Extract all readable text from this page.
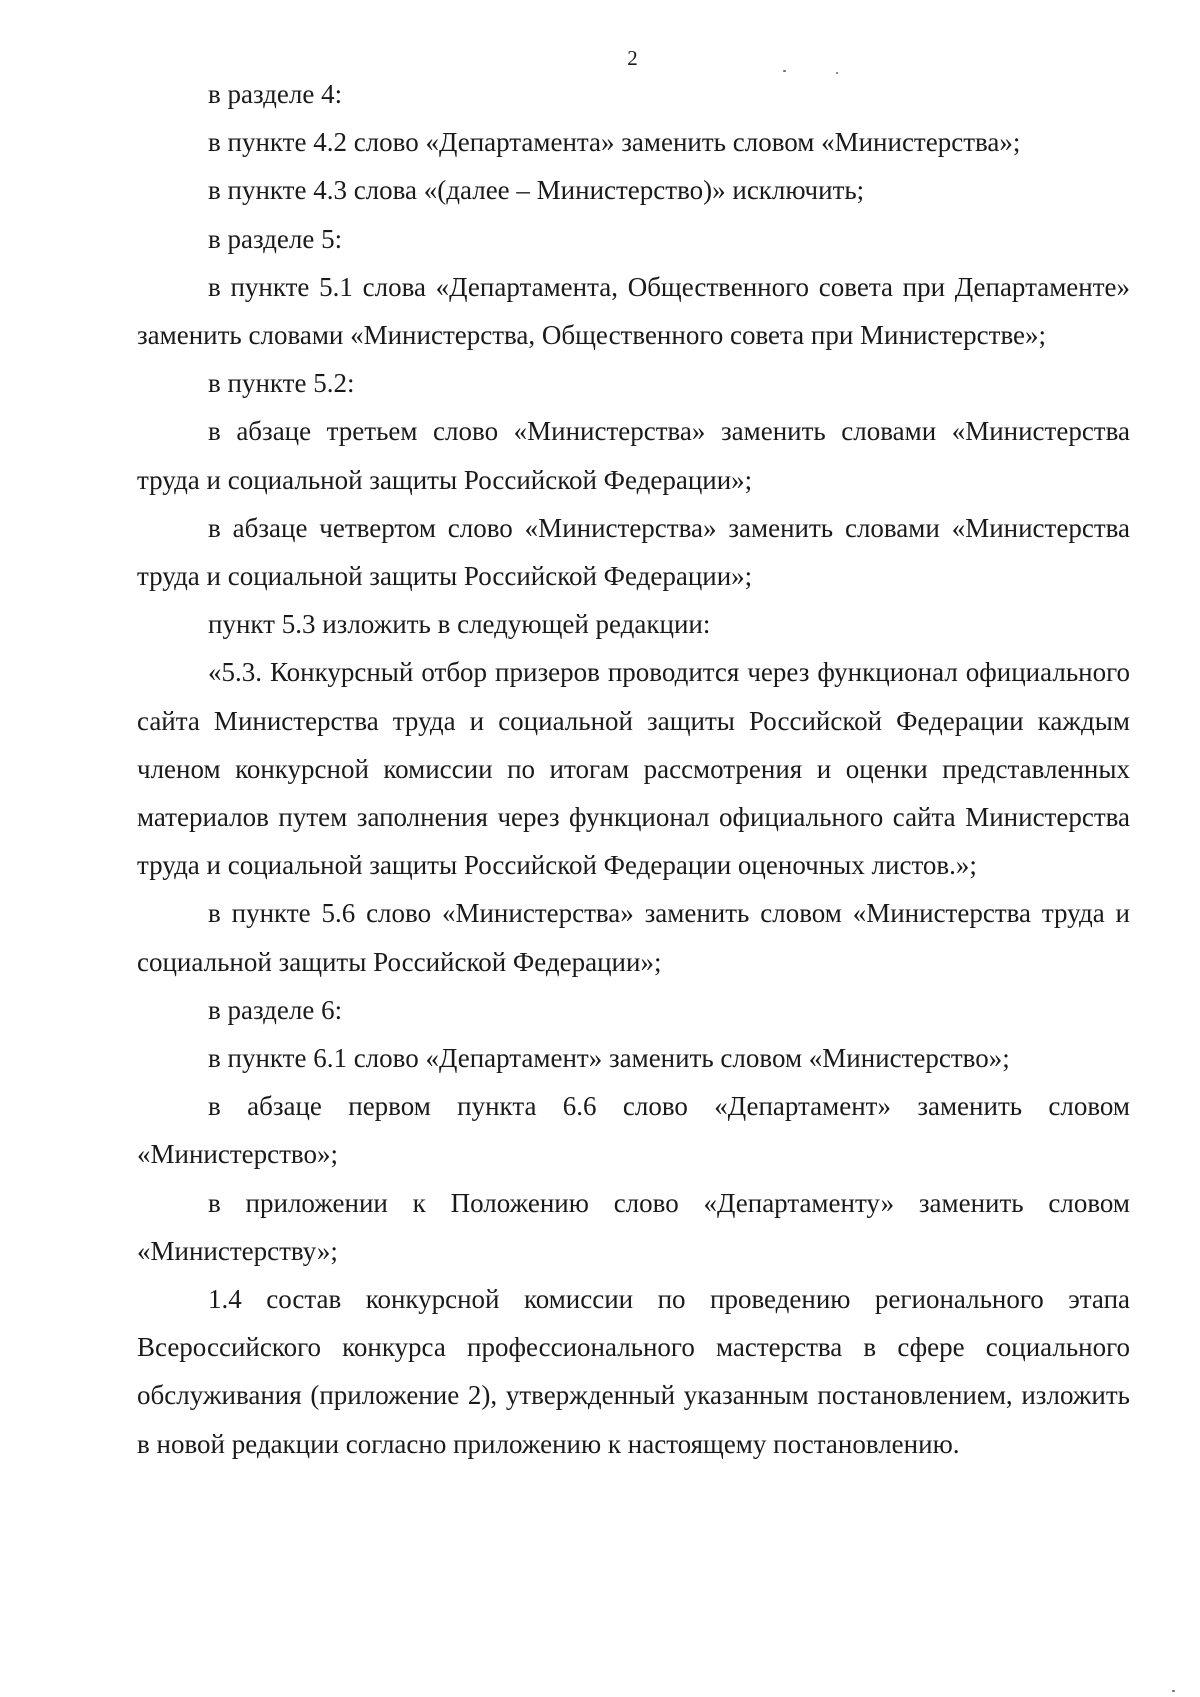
2

в разделе 4:

в пункте 4.2 слово «Департамента» заменить словом «Министерства»;

в пункте 4.3 слова «(далее – Министерство)» исключить;

в разделе 5:

в пункте 5.1 слова «Департамента, Общественного совета при Департаменте» заменить словами «Министерства, Общественного совета при Министерстве»;

в пункте 5.2:

в абзаце третьем слово «Министерства» заменить словами «Министерства труда и социальной защиты Российской Федерации»;

в абзаце четвертом слово «Министерства» заменить словами «Министерства труда и социальной защиты Российской Федерации»;

пункт 5.3 изложить в следующей редакции:

«5.3. Конкурсный отбор призеров проводится через функционал официального сайта Министерства труда и социальной защиты Российской Федерации каждым членом конкурсной комиссии по итогам рассмотрения и оценки представленных материалов путем заполнения через функционал официального сайта Министерства труда и социальной защиты Российской Федерации оценочных листов.»;

в пункте 5.6 слово «Министерства» заменить словом «Министерства труда и социальной защиты Российской Федерации»;

в разделе 6:

в пункте 6.1 слово «Департамент» заменить словом «Министерство»;

в абзаце первом пункта 6.6 слово «Департамент» заменить словом «Министерство»;

в приложении к Положению слово «Департаменту» заменить словом «Министерству»;

1.4 состав конкурсной комиссии по проведению регионального этапа Всероссийского конкурса профессионального мастерства в сфере социального обслуживания (приложение 2), утвержденный указанным постановлением, изложить в новой редакции согласно приложению к настоящему постановлению.
